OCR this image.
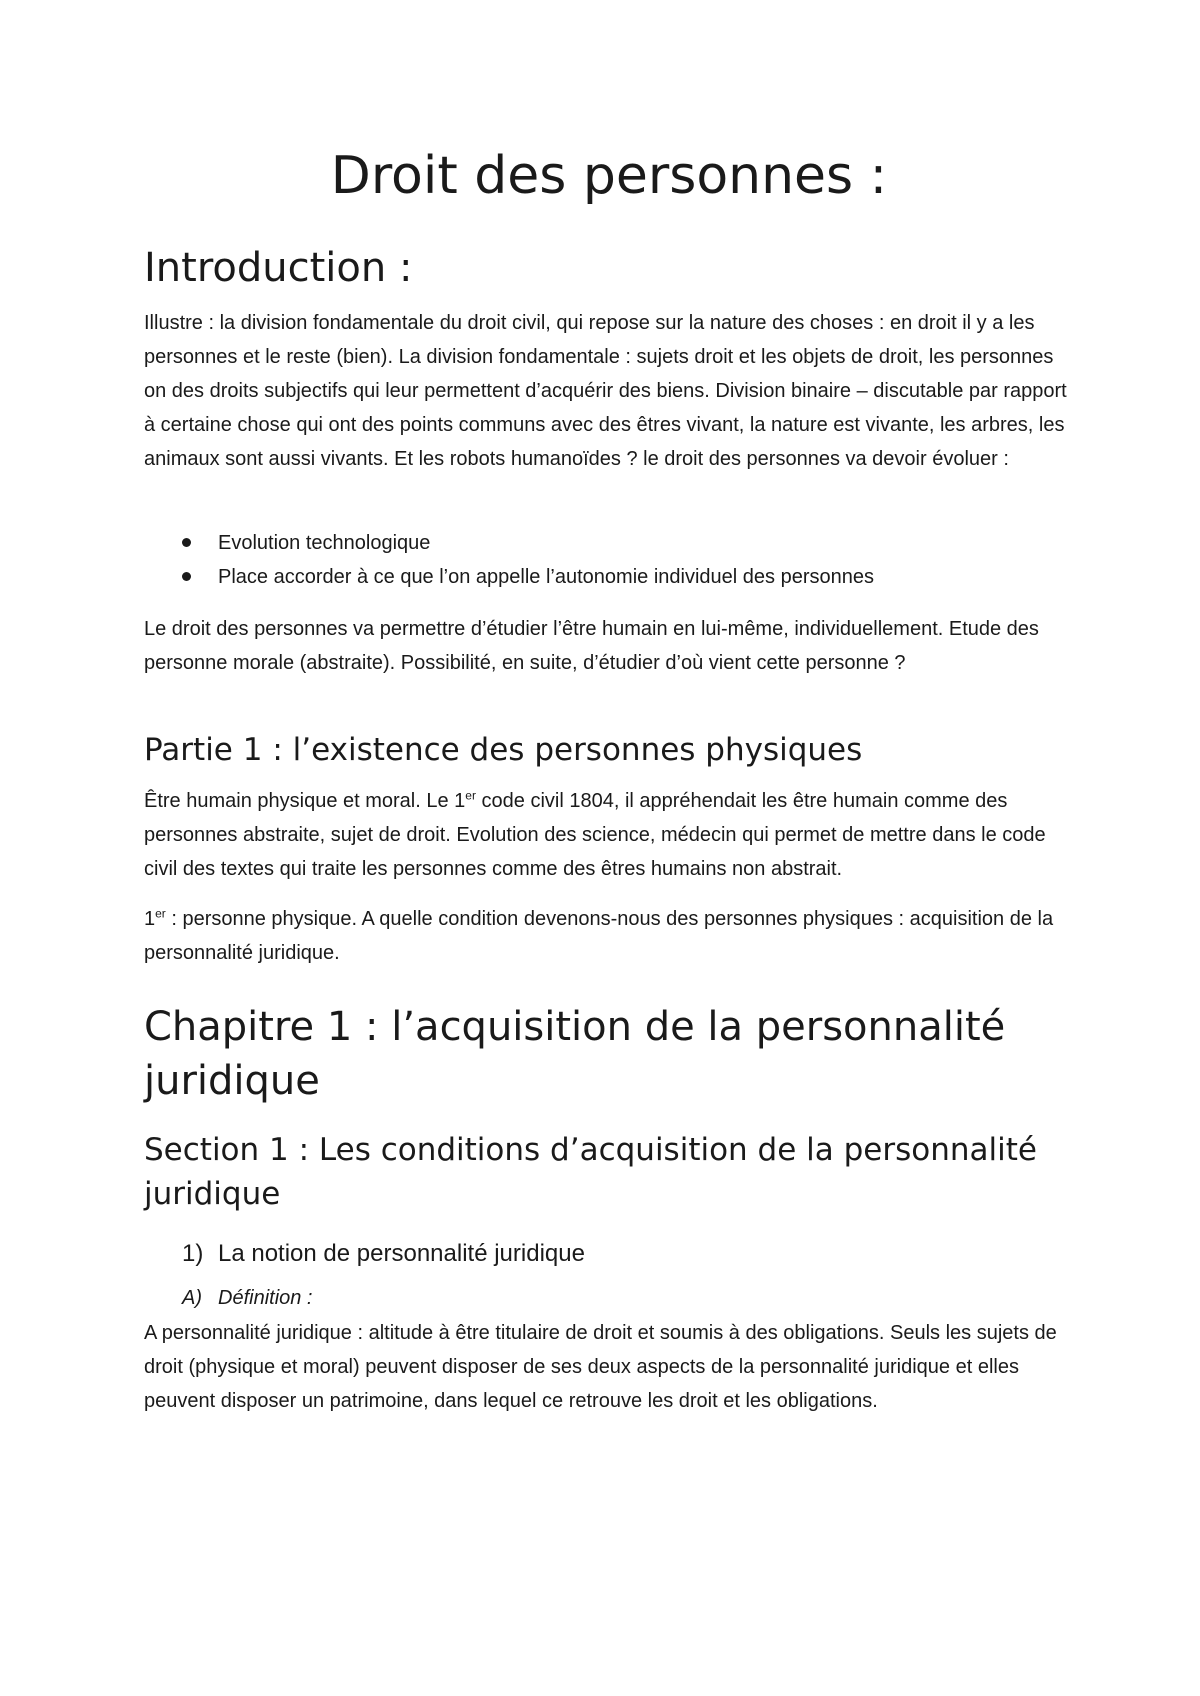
Droit des personnes :
Introduction :

Illustre : la division fondamentale du droit civil, qui repose sur la nature des choses : en droit il y a les personnes et le reste (bien). La division fondamentale : sujets droit et les objets de droit, les personnes on des droits subjectifs qui leur permettent d’acquérir des biens. Division binaire – discutable par rapport à certaine chose qui ont des points communs avec des êtres vivant, la nature est vivante, les arbres, les animaux sont aussi vivants. Et les robots humanoïdes ? le droit des personnes va devoir évoluer :

Evolution technologique
Place accorder à ce que l’on appelle l’autonomie individuel des personnes

Le droit des personnes va permettre d’étudier l’être humain en lui-même, individuellement. Etude des personne morale (abstraite). Possibilité, en suite, d’étudier d’où vient cette personne ?

Partie 1 : l’existence des personnes physiques

Être humain physique et moral. Le 1er code civil 1804, il appréhendait les être humain comme des personnes abstraite, sujet de droit. Evolution des science, médecin qui permet de mettre dans le code civil des textes qui traite les personnes comme des êtres humains non abstrait.

1er : personne physique. A quelle condition devenons-nous des personnes physiques : acquisition de la personnalité juridique.

Chapitre 1 : l’acquisition de la personnalité juridique
Section 1 : Les conditions d’acquisition de la personnalité juridique
1) La notion de personnalité juridique
A) Définition :

A personnalité juridique : altitude à être titulaire de droit et soumis à des obligations. Seuls les sujets de droit (physique et moral) peuvent disposer de ses deux aspects de la personnalité juridique et elles peuvent disposer un patrimoine, dans lequel ce retrouve les droit et les obligations.
